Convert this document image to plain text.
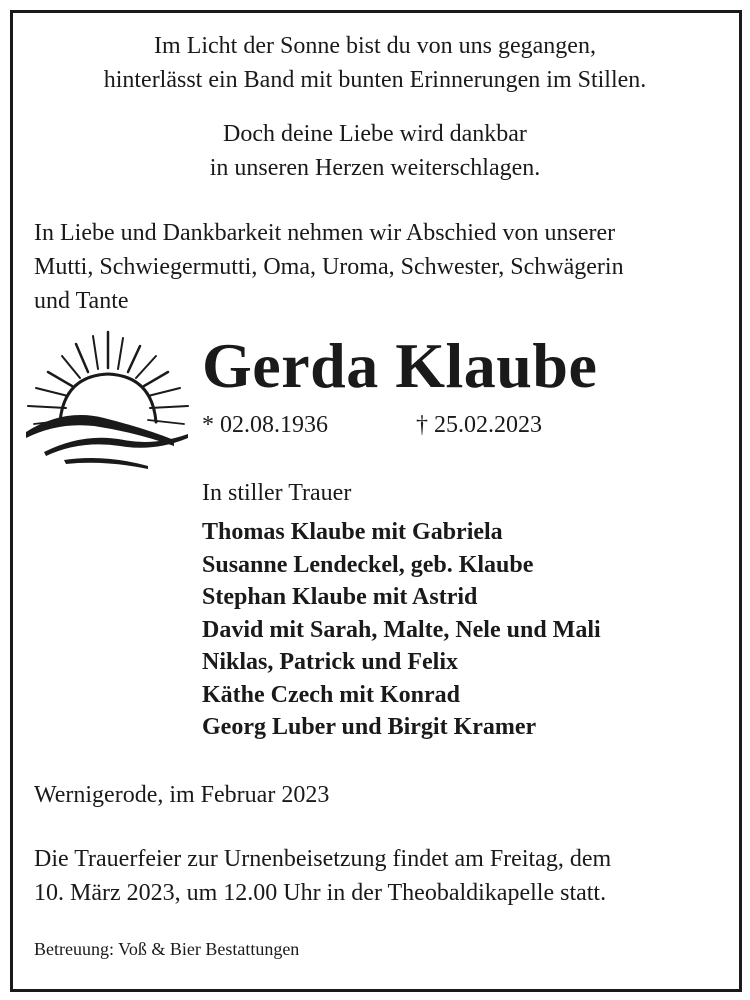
Im Licht der Sonne bist du von uns gegangen,
hinterlässt ein Band mit bunten Erinnerungen im Stillen.
Doch deine Liebe wird dankbar
in unseren Herzen weiterschlagen.
In Liebe und Dankbarkeit nehmen wir Abschied von unserer
Mutti, Schwiegermutti, Oma, Uroma, Schwester, Schwägerin
und Tante
Gerda Klaube
* 02.08.1936	† 25.02.2023
In stiller Trauer
Thomas Klaube mit Gabriela
Susanne Lendeckel, geb. Klaube
Stephan Klaube mit Astrid
David mit Sarah, Malte, Nele und Mali
Niklas, Patrick und Felix
Käthe Czech mit Konrad
Georg Luber und Birgit Kramer
Wernigerode, im Februar 2023
Die Trauerfeier zur Urnenbeisetzung findet am Freitag, dem
10. März 2023, um 12.00 Uhr in der Theobaldikapelle statt.
Betreuung: Voß & Bier Bestattungen
